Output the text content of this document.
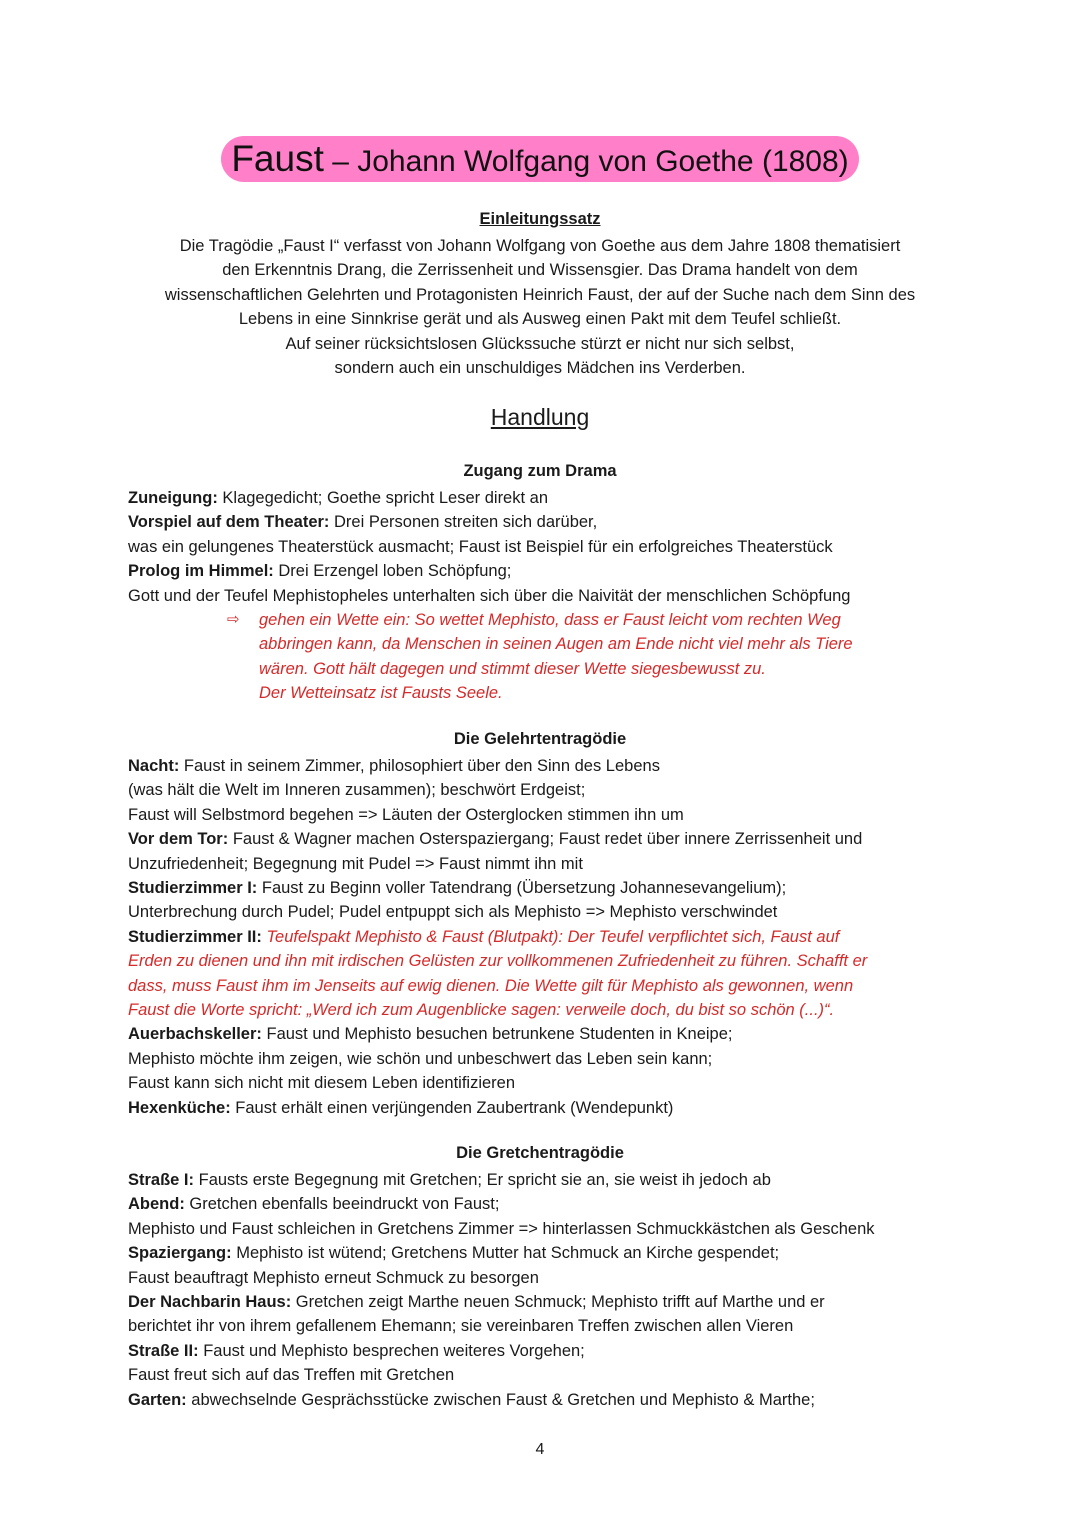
Faust – Johann Wolfgang von Goethe (1808)
Einleitungssatz

Die Tragödie „Faust I“ verfasst von Johann Wolfgang von Goethe aus dem Jahre 1808 thematisiert

den Erkenntnis Drang, die Zerrissenheit und Wissensgier. Das Drama handelt von dem

wissenschaftlichen Gelehrten und Protagonisten Heinrich Faust, der auf der Suche nach dem Sinn des

Lebens in eine Sinnkrise gerät und als Ausweg einen Pakt mit dem Teufel schließt.

Auf seiner rücksichtslosen Glückssuche stürzt er nicht nur sich selbst,

sondern auch ein unschuldiges Mädchen ins Verderben.

Handlung
Zugang zum Drama

Zuneigung: Klagegedicht; Goethe spricht Leser direkt an

Vorspiel auf dem Theater: Drei Personen streiten sich darüber,

was ein gelungenes Theaterstück ausmacht; Faust ist Beispiel für ein erfolgreiches Theaterstück

Prolog im Himmel: Drei Erzengel loben Schöpfung;

Gott und der Teufel Mephistopheles unterhalten sich über die Naivität der menschlichen Schöpfung

⇨ gehen ein Wette ein: So wettet Mephisto, dass er Faust leicht vom rechten Weg

abbringen kann, da Menschen in seinen Augen am Ende nicht viel mehr als Tiere

wären. Gott hält dagegen und stimmt dieser Wette siegesbewusst zu.

Der Wetteinsatz ist Fausts Seele.

Die Gelehrtentragödie

Nacht: Faust in seinem Zimmer, philosophiert über den Sinn des Lebens

(was hält die Welt im Inneren zusammen); beschwört Erdgeist;

Faust will Selbstmord begehen => Läuten der Osterglocken stimmen ihn um

Vor dem Tor: Faust & Wagner machen Osterspaziergang; Faust redet über innere Zerrissenheit und

Unzufriedenheit; Begegnung mit Pudel => Faust nimmt ihn mit

Studierzimmer I: Faust zu Beginn voller Tatendrang (Übersetzung Johannesevangelium);

Unterbrechung durch Pudel; Pudel entpuppt sich als Mephisto => Mephisto verschwindet

Studierzimmer II: Teufelspakt Mephisto & Faust (Blutpakt): Der Teufel verpflichtet sich, Faust auf

Erden zu dienen und ihn mit irdischen Gelüsten zur vollkommenen Zufriedenheit zu führen. Schafft er

dass, muss Faust ihm im Jenseits auf ewig dienen. Die Wette gilt für Mephisto als gewonnen, wenn

Faust die Worte spricht: „Werd ich zum Augenblicke sagen: verweile doch, du bist so schön (...)“.

Auerbachskeller: Faust und Mephisto besuchen betrunkene Studenten in Kneipe;

Mephisto möchte ihm zeigen, wie schön und unbeschwert das Leben sein kann;

Faust kann sich nicht mit diesem Leben identifizieren

Hexenküche: Faust erhält einen verjüngenden Zaubertrank (Wendepunkt)

Die Gretchentragödie

Straße I: Fausts erste Begegnung mit Gretchen; Er spricht sie an, sie weist ih jedoch ab

Abend: Gretchen ebenfalls beeindruckt von Faust;

Mephisto und Faust schleichen in Gretchens Zimmer => hinterlassen Schmuckkästchen als Geschenk

Spaziergang: Mephisto ist wütend; Gretchens Mutter hat Schmuck an Kirche gespendet;

Faust beauftragt Mephisto erneut Schmuck zu besorgen

Der Nachbarin Haus: Gretchen zeigt Marthe neuen Schmuck; Mephisto trifft auf Marthe und er

berichtet ihr von ihrem gefallenem Ehemann; sie vereinbaren Treffen zwischen allen Vieren

Straße II: Faust und Mephisto besprechen weiteres Vorgehen;

Faust freut sich auf das Treffen mit Gretchen

Garten: abwechselnde Gesprächsstücke zwischen Faust & Gretchen und Mephisto & Marthe;

4
